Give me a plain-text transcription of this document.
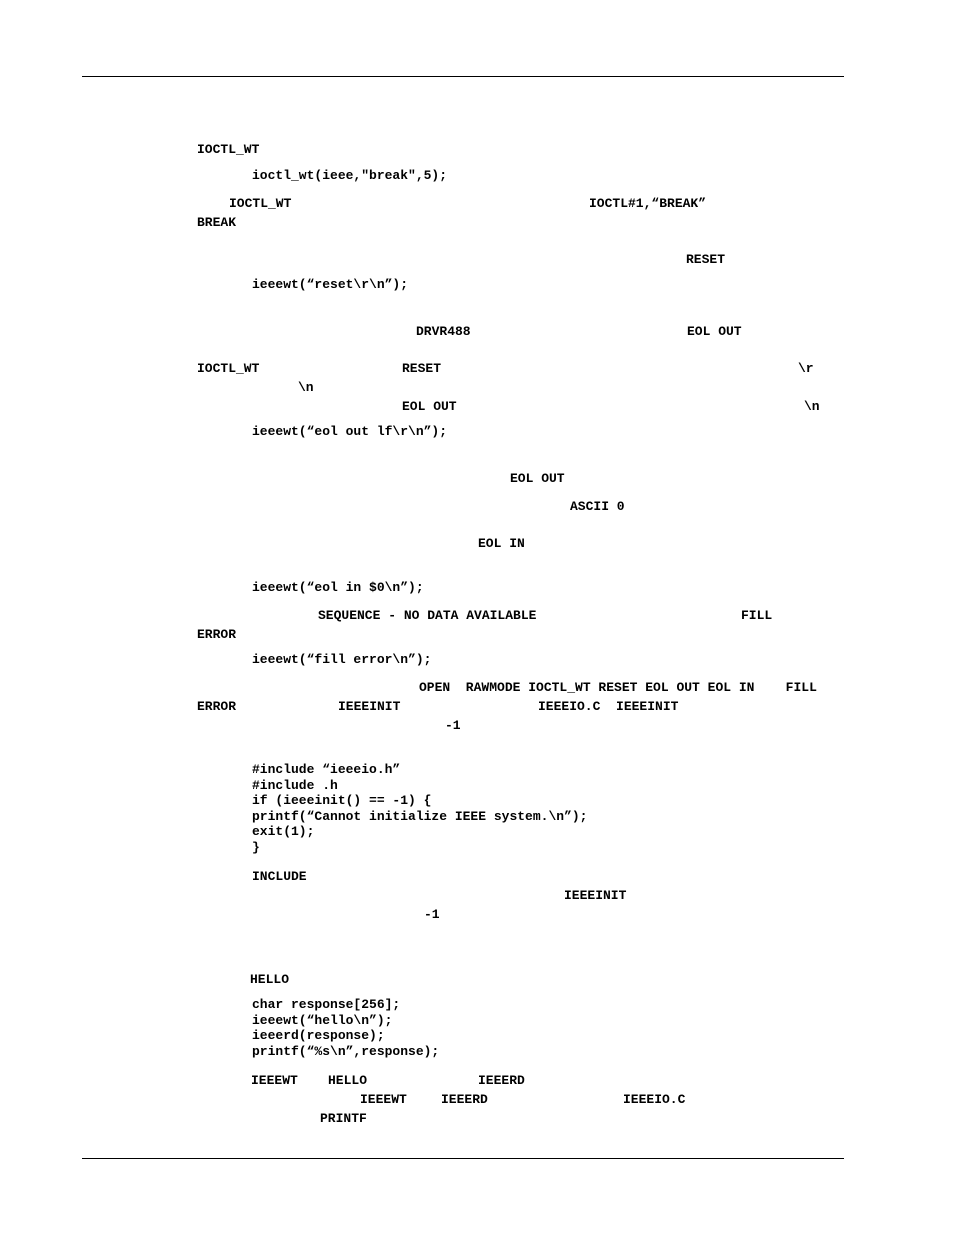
IOCTL_WT
ioctl_wt(ieee,"break",5);
IOCTL_WT	IOCTL#1,“BREAK”
BREAK
RESET
ieeewt(“reset\r\n”);
DRVR488	EOL OUT
IOCTL_WT	RESET	\r
\n
EOL OUT	\n
ieeewt(“eol out lf\r\n”);
EOL OUT
ASCII 0
EOL IN
ieeewt(“eol in $0\n”);
SEQUENCE - NO DATA AVAILABLE	FILL
ERROR
ieeewt(“fill error\n”);
OPEN  RAWMODE IOCTL_WT RESET EOL OUT EOL IN    FILL
ERROR	IEEEINIT	IEEEIO.C  IEEEINIT
-1
#include “ieeeio.h”
#include .h
if (ieeeinit() == -1) {
printf(“Cannot initialize IEEE system.\n”);
exit(1);
}
INCLUDE
IEEEINIT
-1
HELLO
char response[256];
ieeewt(“hello\n”);
ieeerd(response);
printf(“%s\n”,response);
IEEEWT HELLO	IEEERD
IEEEWT	IEEERD	IEEEIO.C
PRINTF
